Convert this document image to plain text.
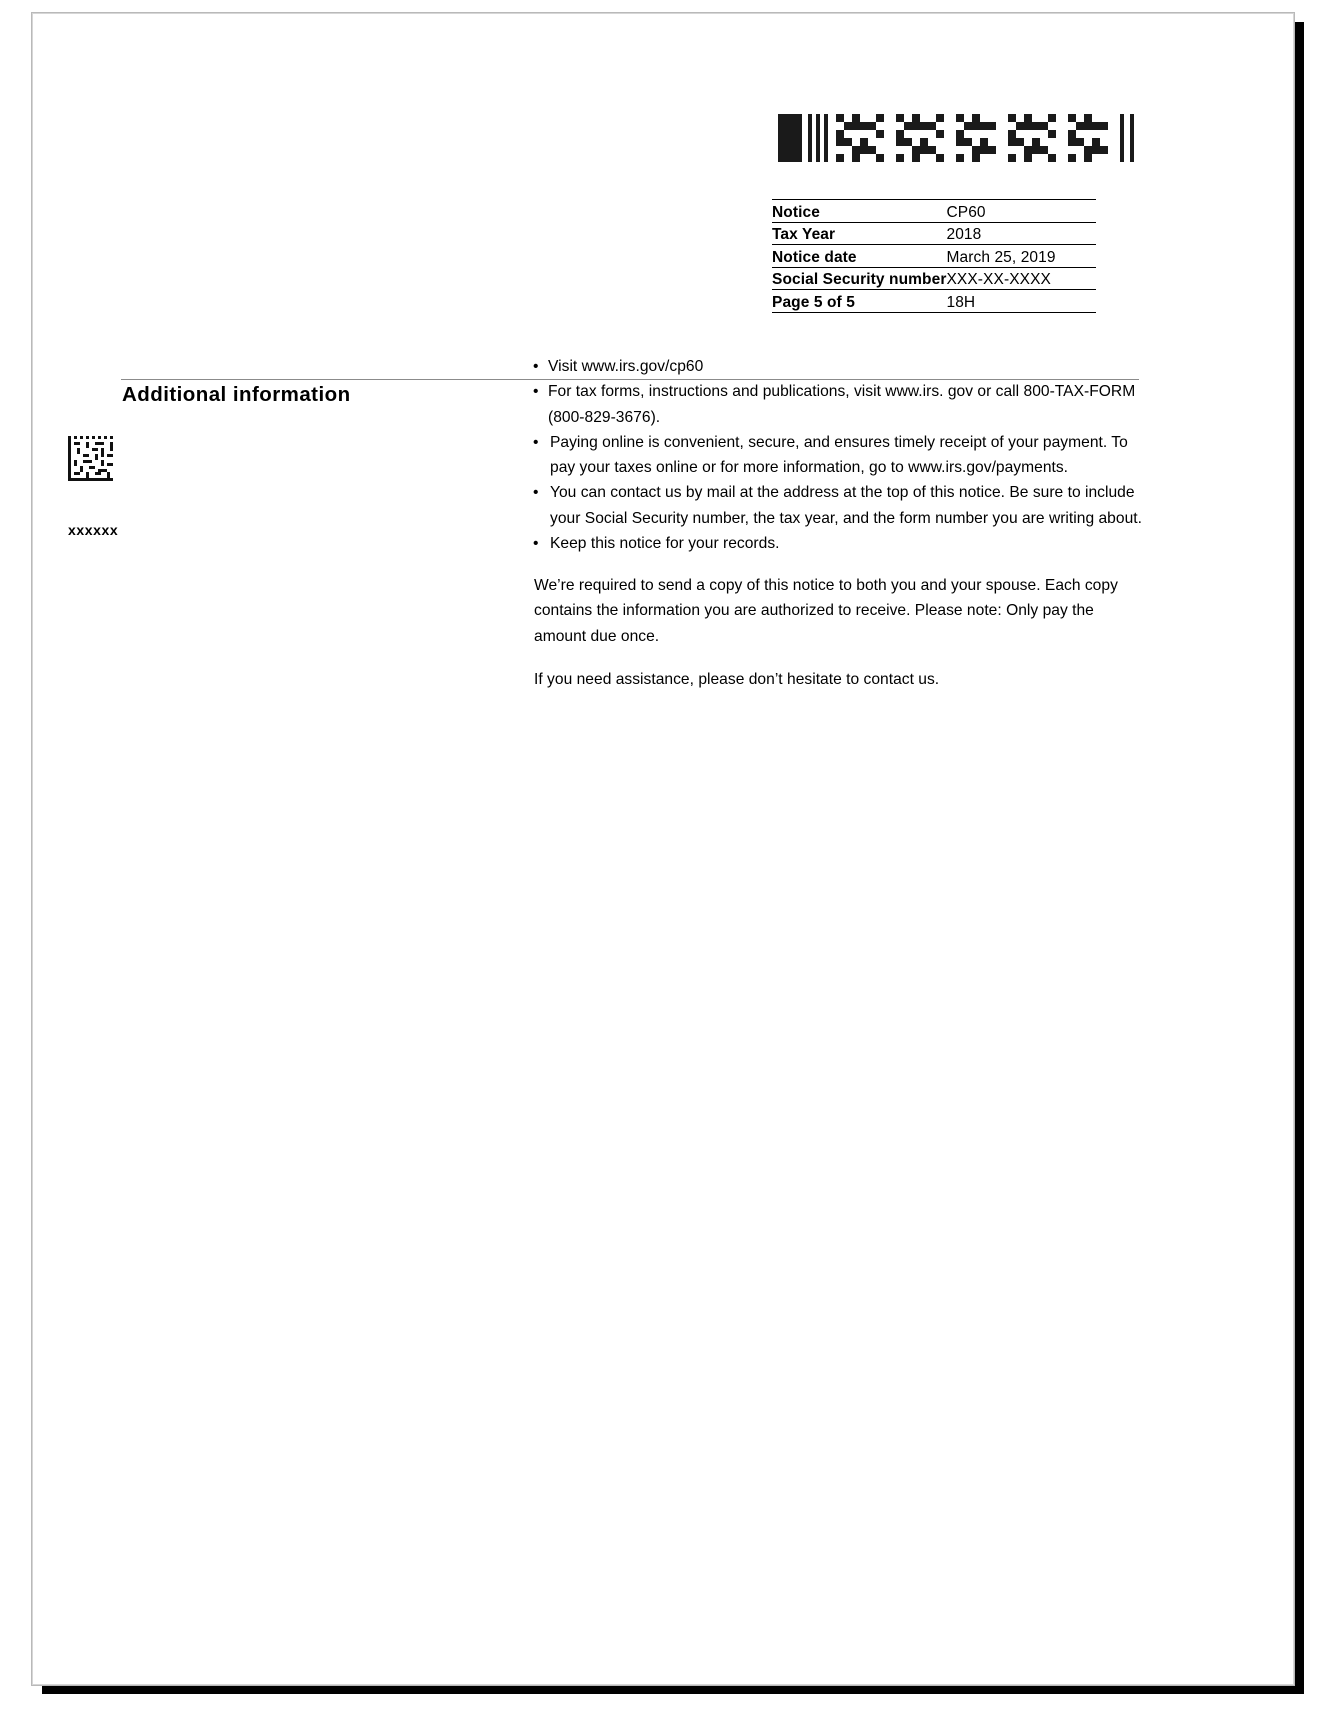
Notice	CP60
Tax Year	2018
Notice date	March 25, 2019
Social Security number	XXX-XX-XXXX
Page 5 of 5	18H
Additional information
xxxxxx
• Visit www.irs.gov/cp60
• For tax forms, instructions and publications, visit www.irs. gov or call 800-TAX-FORM (800-829-3676).
• Paying online is convenient, secure, and ensures timely receipt of your payment. To pay your taxes online or for more information, go to www.irs.gov/payments.
• You can contact us by mail at the address at the top of this notice. Be sure to include your Social Security number, the tax year, and the form number you are writing about.
• Keep this notice for your records.

We’re required to send a copy of this notice to both you and your spouse. Each copy contains the information you are authorized to receive. Please note: Only pay the amount due once.

If you need assistance, please don’t hesitate to contact us.
